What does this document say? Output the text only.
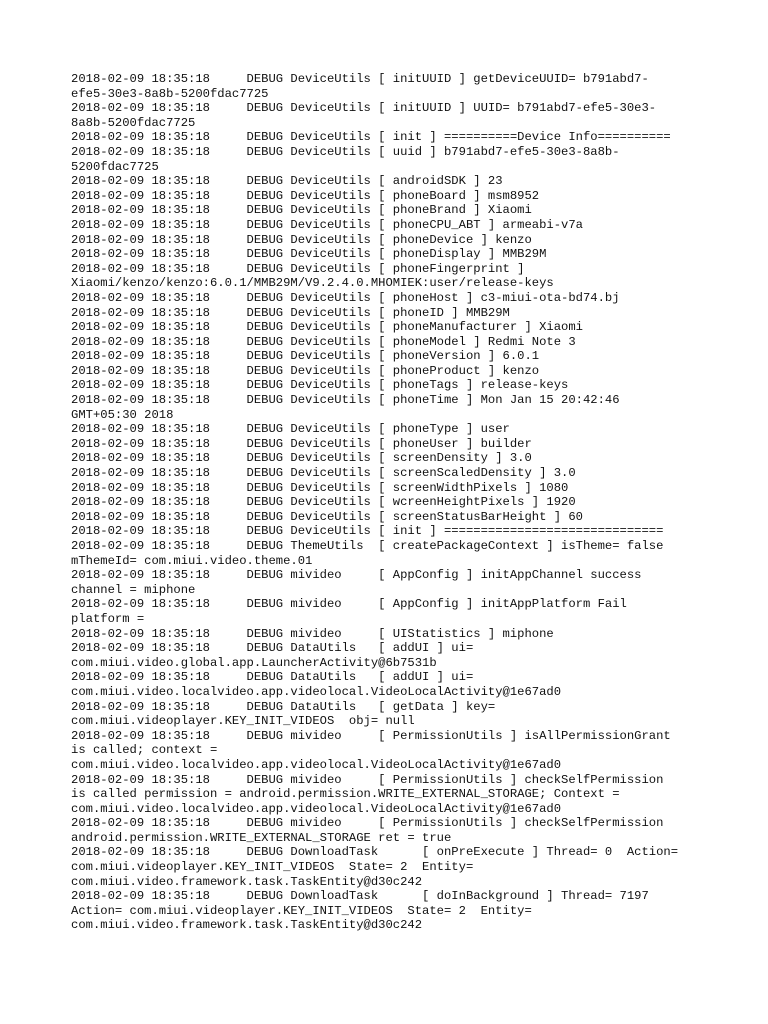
2018-02-09 18:35:18     DEBUG DeviceUtils [ initUUID ] getDeviceUUID= b791abd7-
efe5-30e3-8a8b-5200fdac7725
2018-02-09 18:35:18     DEBUG DeviceUtils [ initUUID ] UUID= b791abd7-efe5-30e3-
8a8b-5200fdac7725
2018-02-09 18:35:18     DEBUG DeviceUtils [ init ] ==========Device Info==========
2018-02-09 18:35:18     DEBUG DeviceUtils [ uuid ] b791abd7-efe5-30e3-8a8b-
5200fdac7725
2018-02-09 18:35:18     DEBUG DeviceUtils [ androidSDK ] 23
2018-02-09 18:35:18     DEBUG DeviceUtils [ phoneBoard ] msm8952
2018-02-09 18:35:18     DEBUG DeviceUtils [ phoneBrand ] Xiaomi
2018-02-09 18:35:18     DEBUG DeviceUtils [ phoneCPU_ABT ] armeabi-v7a
2018-02-09 18:35:18     DEBUG DeviceUtils [ phoneDevice ] kenzo
2018-02-09 18:35:18     DEBUG DeviceUtils [ phoneDisplay ] MMB29M
2018-02-09 18:35:18     DEBUG DeviceUtils [ phoneFingerprint ]
Xiaomi/kenzo/kenzo:6.0.1/MMB29M/V9.2.4.0.MHOMIEK:user/release-keys
2018-02-09 18:35:18     DEBUG DeviceUtils [ phoneHost ] c3-miui-ota-bd74.bj
2018-02-09 18:35:18     DEBUG DeviceUtils [ phoneID ] MMB29M
2018-02-09 18:35:18     DEBUG DeviceUtils [ phoneManufacturer ] Xiaomi
2018-02-09 18:35:18     DEBUG DeviceUtils [ phoneModel ] Redmi Note 3
2018-02-09 18:35:18     DEBUG DeviceUtils [ phoneVersion ] 6.0.1
2018-02-09 18:35:18     DEBUG DeviceUtils [ phoneProduct ] kenzo
2018-02-09 18:35:18     DEBUG DeviceUtils [ phoneTags ] release-keys
2018-02-09 18:35:18     DEBUG DeviceUtils [ phoneTime ] Mon Jan 15 20:42:46
GMT+05:30 2018
2018-02-09 18:35:18     DEBUG DeviceUtils [ phoneType ] user
2018-02-09 18:35:18     DEBUG DeviceUtils [ phoneUser ] builder
2018-02-09 18:35:18     DEBUG DeviceUtils [ screenDensity ] 3.0
2018-02-09 18:35:18     DEBUG DeviceUtils [ screenScaledDensity ] 3.0
2018-02-09 18:35:18     DEBUG DeviceUtils [ screenWidthPixels ] 1080
2018-02-09 18:35:18     DEBUG DeviceUtils [ wcreenHeightPixels ] 1920
2018-02-09 18:35:18     DEBUG DeviceUtils [ screenStatusBarHeight ] 60
2018-02-09 18:35:18     DEBUG DeviceUtils [ init ] ==============================
2018-02-09 18:35:18     DEBUG ThemeUtils  [ createPackageContext ] isTheme= false
mThemeId= com.miui.video.theme.01
2018-02-09 18:35:18     DEBUG mivideo     [ AppConfig ] initAppChannel success
channel = miphone
2018-02-09 18:35:18     DEBUG mivideo     [ AppConfig ] initAppPlatform Fail
platform =
2018-02-09 18:35:18     DEBUG mivideo     [ UIStatistics ] miphone
2018-02-09 18:35:18     DEBUG DataUtils   [ addUI ] ui=
com.miui.video.global.app.LauncherActivity@6b7531b
2018-02-09 18:35:18     DEBUG DataUtils   [ addUI ] ui=
com.miui.video.localvideo.app.videolocal.VideoLocalActivity@1e67ad0
2018-02-09 18:35:18     DEBUG DataUtils   [ getData ] key=
com.miui.videoplayer.KEY_INIT_VIDEOS  obj= null
2018-02-09 18:35:18     DEBUG mivideo     [ PermissionUtils ] isAllPermissionGrant
is called; context =
com.miui.video.localvideo.app.videolocal.VideoLocalActivity@1e67ad0
2018-02-09 18:35:18     DEBUG mivideo     [ PermissionUtils ] checkSelfPermission
is called permission = android.permission.WRITE_EXTERNAL_STORAGE; Context =
com.miui.video.localvideo.app.videolocal.VideoLocalActivity@1e67ad0
2018-02-09 18:35:18     DEBUG mivideo     [ PermissionUtils ] checkSelfPermission
android.permission.WRITE_EXTERNAL_STORAGE ret = true
2018-02-09 18:35:18     DEBUG DownloadTask      [ onPreExecute ] Thread= 0  Action=
com.miui.videoplayer.KEY_INIT_VIDEOS  State= 2  Entity=
com.miui.video.framework.task.TaskEntity@d30c242
2018-02-09 18:35:18     DEBUG DownloadTask      [ doInBackground ] Thread= 7197
Action= com.miui.videoplayer.KEY_INIT_VIDEOS  State= 2  Entity=
com.miui.video.framework.task.TaskEntity@d30c242
